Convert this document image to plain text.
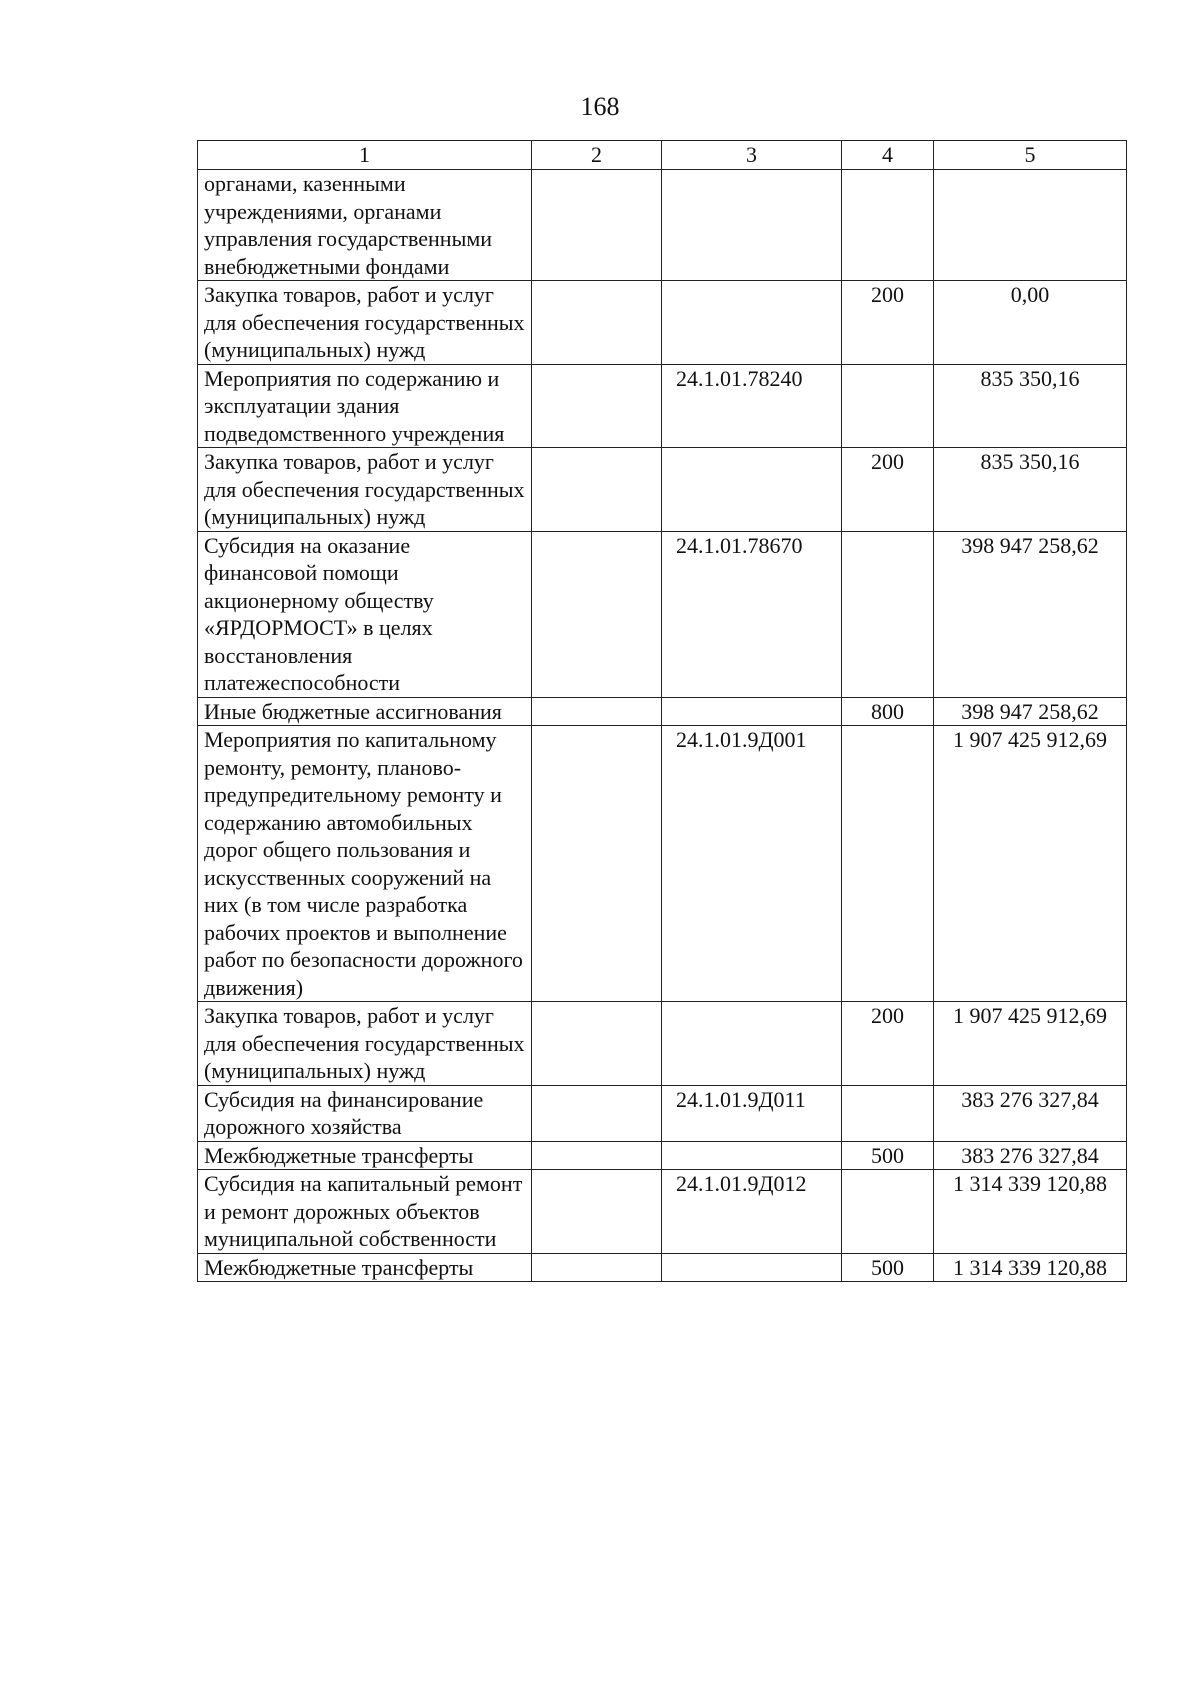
168
1	2	3	4	5
органами, казенными учреждениями, органами управления государственными внебюджетными фондами				
Закупка товаров, работ и услуг для обеспечения государственных (муниципальных) нужд			200	0,00
Мероприятия по содержанию и эксплуатации здания подведомственного учреждения		24.1.01.78240		835 350,16
Закупка товаров, работ и услуг для обеспечения государственных (муниципальных) нужд			200	835 350,16
Субсидия на оказание финансовой помощи акционерному обществу «ЯРДОРМОСТ» в целях восстановления платежеспособности		24.1.01.78670		398 947 258,62
Иные бюджетные ассигнования			800	398 947 258,62
Мероприятия по капитальному ремонту, ремонту, планово-предупредительному ремонту и содержанию автомобильных дорог общего пользования и искусственных сооружений на них (в том числе разработка рабочих проектов и выполнение работ по безопасности дорожного движения)		24.1.01.9Д001		1 907 425 912,69
Закупка товаров, работ и услуг для обеспечения государственных (муниципальных) нужд			200	1 907 425 912,69
Субсидия на финансирование дорожного хозяйства		24.1.01.9Д011		383 276 327,84
Межбюджетные трансферты			500	383 276 327,84
Субсидия на капитальный ремонт и ремонт дорожных объектов муниципальной собственности		24.1.01.9Д012		1 314 339 120,88
Межбюджетные трансферты			500	1 314 339 120,88
